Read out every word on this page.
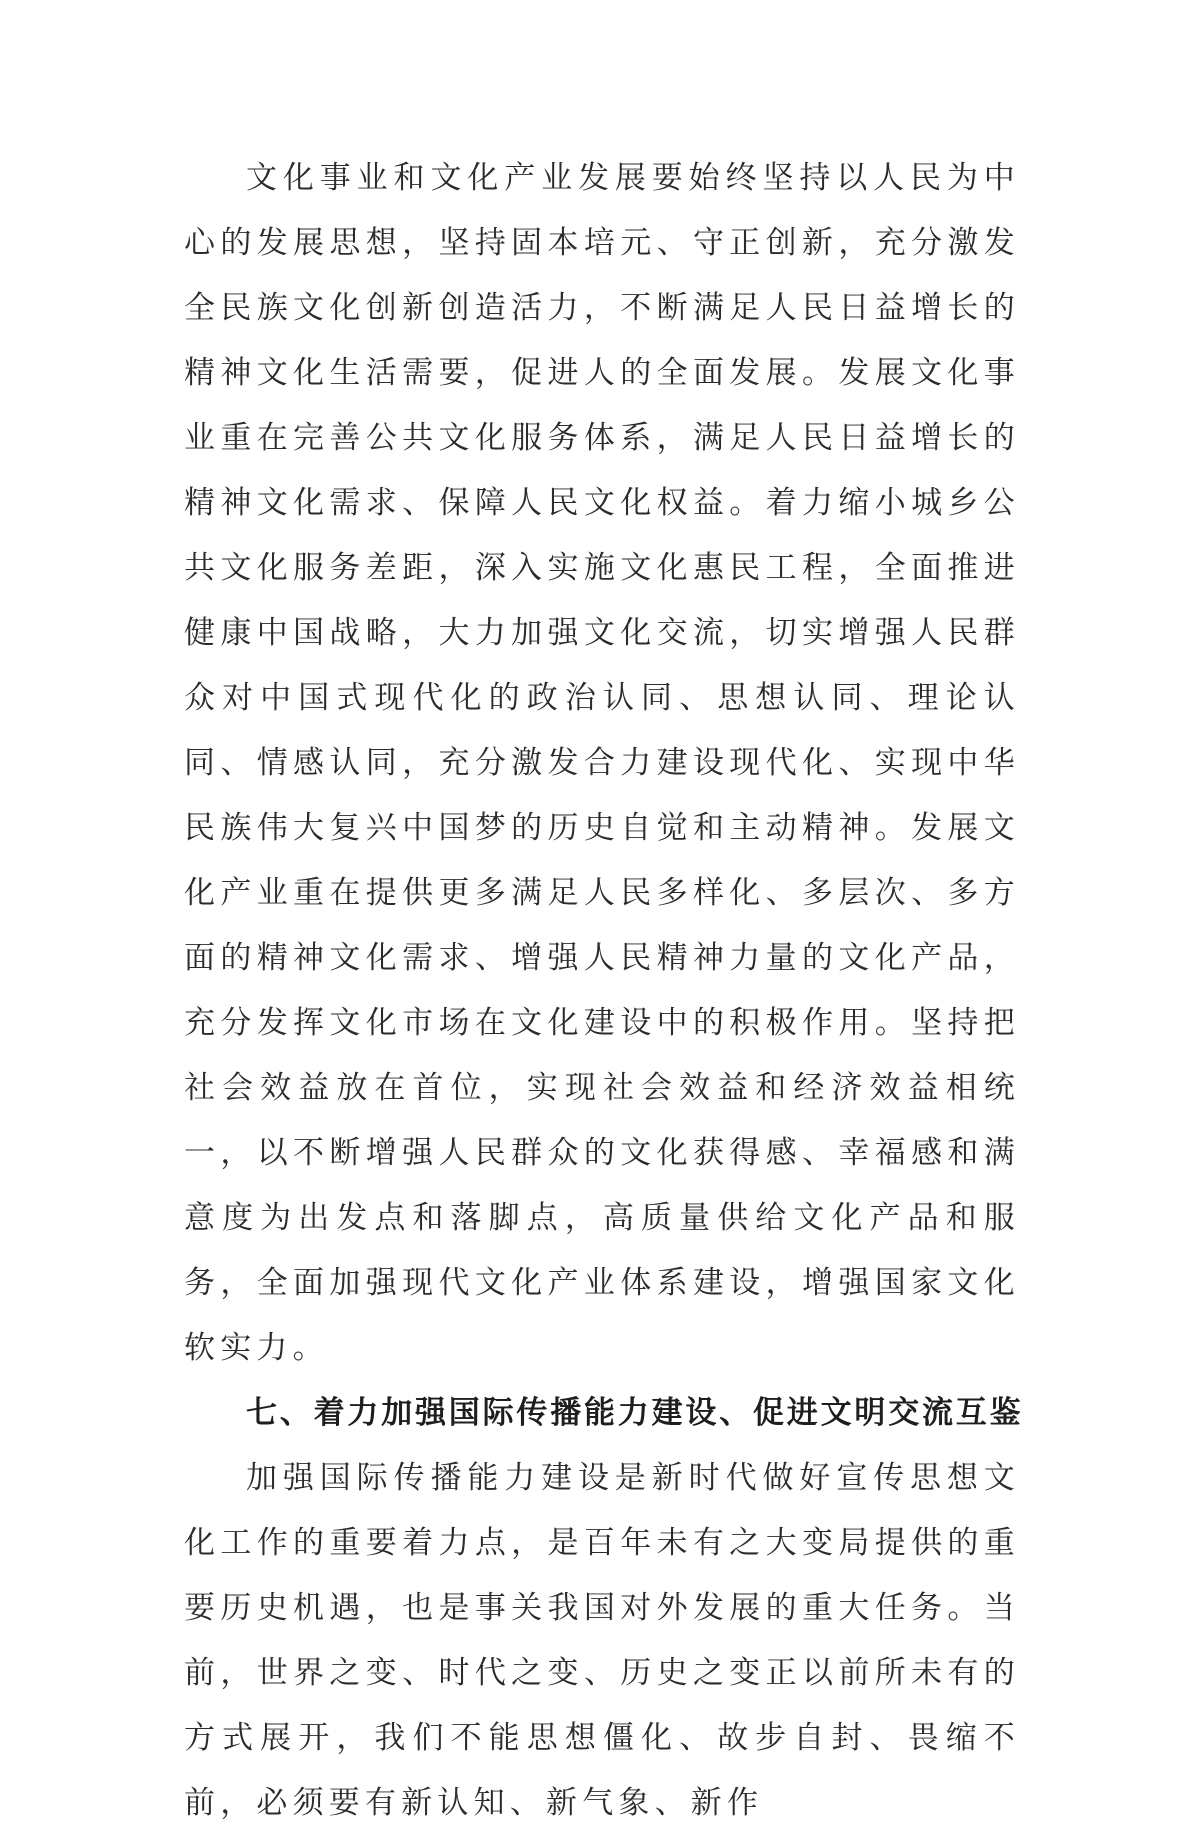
文化事业和文化产业发展要始终坚持以人民为中心的发展思想，坚持固本培元、守正创新，充分激发全民族文化创新创造活力，不断满足人民日益增长的精神文化生活需要，促进人的全面发展。发展文化事业重在完善公共文化服务体系，满足人民日益增长的精神文化需求、保障人民文化权益。着力缩小城乡公共文化服务差距，深入实施文化惠民工程，全面推进健康中国战略，大力加强文化交流，切实增强人民群众对中国式现代化的政治认同、思想认同、理论认同、情感认同，充分激发合力建设现代化、实现中华民族伟大复兴中国梦的历史自觉和主动精神。发展文化产业重在提供更多满足人民多样化、多层次、多方面的精神文化需求、增强人民精神力量的文化产品，充分发挥文化市场在文化建设中的积极作用。坚持把社会效益放在首位，实现社会效益和经济效益相统一，以不断增强人民群众的文化获得感、幸福感和满意度为出发点和落脚点，高质量供给文化产品和服务，全面加强现代文化产业体系建设，增强国家文化软实力。

七、着力加强国际传播能力建设、促进文明交流互鉴

加强国际传播能力建设是新时代做好宣传思想文化工作的重要着力点，是百年未有之大变局提供的重要历史机遇，也是事关我国对外发展的重大任务。当前，世界之变、时代之变、历史之变正以前所未有的方式展开，我们不能思想僵化、故步自封、畏缩不前，必须要有新认知、新气象、新作
